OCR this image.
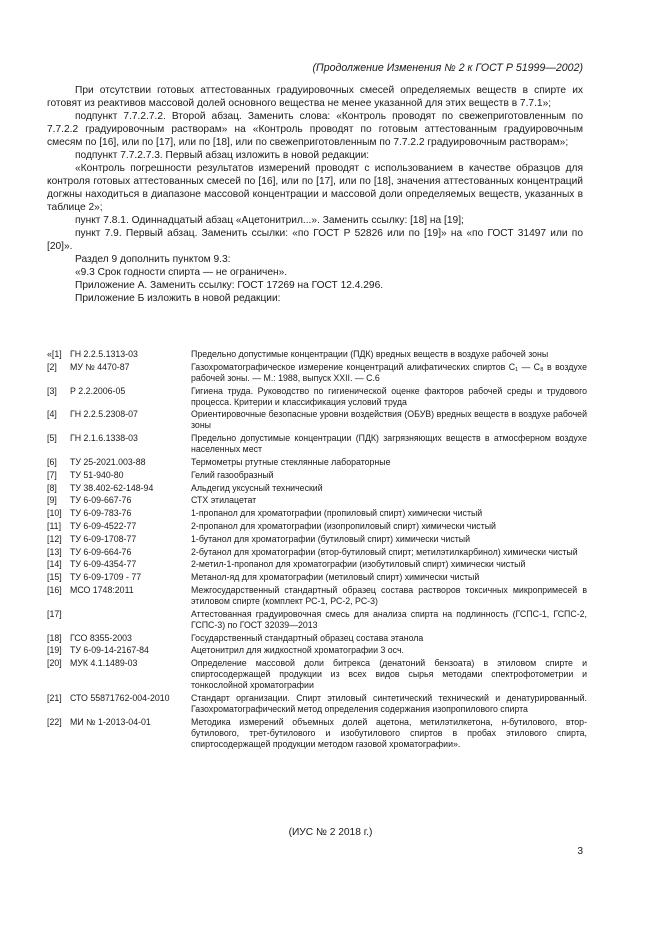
(Продолжение Изменения № 2 к ГОСТ Р 51999—2002)

При отсутствии готовых аттестованных градуировочных смесей определяемых веществ в спирте их готовят из реактивов массовой долей основного вещества не менее указанной для этих веществ в 7.7.1»;

подпункт 7.7.2.7.2. Второй абзац. Заменить слова: «Контроль проводят по свежеприготовленным по 7.7.2.2 градуировочным растворам» на «Контроль проводят по готовым аттестованным градуировочным смесям по [16], или по [17], или по [18], или по свежеприготовленным по 7.7.2.2 градуировочным растворам»;

подпункт 7.7.2.7.3. Первый абзац изложить в новой редакции:

«Контроль погрешности результатов измерений проводят с использованием в качестве образцов для контроля готовых аттестованных смесей по [16], или по [17], или по [18], значения аттестованных концентраций догжны находиться в диапазоне массовой концентрации и массовой доли определяемых веществ, указанных в таблице 2»;

пункт 7.8.1. Одиннадцатый абзац «Ацетонитрил...». Заменить ссылку: [18] на [19];

пункт 7.9. Первый абзац. Заменить ссылки: «по ГОСТ Р 52826 или по [19]» на «по ГОСТ 31497 или по [20]».

Раздел 9 дополнить пунктом 9.3:

«9.3 Срок годности спирта — не ограничен».

Приложение А. Заменить ссылку: ГОСТ 17269 на ГОСТ 12.4.296.

Приложение Б изложить в новой редакции:

«[1]	ГН 2.2.5.1313-03	Предельно допустимые концентрации (ПДК) вредных веществ в воздухе рабочей зоны
[2]	МУ № 4470-87	Газохроматографическое измерение концентраций алифатических спиртов C₁ — C₈ в воздухе рабочей зоны. — М.: 1988, выпуск XXII. — С.6
[3]	Р 2.2.2006-05	Гигиена труда. Руководство по гигиенической оценке факторов рабочей среды и трудового процесса. Критерии и классификация условий труда
[4]	ГН 2.2.5.2308-07	Ориентировочные безопасные уровни воздействия (ОБУВ) вредных веществ в воздухе рабочей зоны
[5]	ГН 2.1.6.1338-03	Предельно допустимые концентрации (ПДК) загрязняющих веществ в атмосферном воздухе населенных мест
[6]	ТУ 25-2021.003-88	Термометры ртутные стеклянные лабораторные
[7]	ТУ 51-940-80	Гелий газообразный
[8]	ТУ 38.402-62-148-94	Альдегид уксусный технический
[9]	ТУ 6-09-667-76	СТХ этилацетат
[10]	ТУ 6-09-783-76	1-пропанол для хроматографии (пропиловый спирт) химически чистый
[11]	ТУ 6-09-4522-77	2-пропанол для хроматографии (изопропиловый спирт) химически чистый
[12]	ТУ 6-09-1708-77	1-бутанол для хроматографии (бутиловый спирт) химически чистый
[13]	ТУ 6-09-664-76	2-бутанол для хроматографии (втор-бутиловый спирт; метилэтилкарбинол) химически чистый
[14]	ТУ 6-09-4354-77	2-метил-1-пропанол для хроматографии (изобутиловый спирт) химически чистый
[15]	ТУ 6-09-1709 - 77	Метанол-яд для хроматографии (метиловый спирт) химически чистый
[16]	МСО 1748:2011	Межгосударственный стандартный образец состава растворов токсичных микропримесей в этиловом спирте (комплект РС-1, РС-2, РС-3)
[17]		Аттестованная градуировочная смесь для анализа спирта на подлинность (ГСПС-1, ГСПС-2, ГСПС-3) по ГОСТ 32039—2013
[18]	ГСО 8355-2003	Государственный стандартный образец состава этанола
[19]	ТУ 6-09-14-2167-84	Ацетонитрил для жидкостной хроматографии 3 осч.
[20]	МУК 4.1.1489-03	Определение массовой доли битрекса (денатоний бензоата) в этиловом спирте и спиртосодержащей продукции из всех видов сырья методами спектрофотометрии и тонкослойной хроматографии
[21]	СТО 55871762-004-2010	Стандарт организации. Спирт этиловый синтетический технический и денатурированный. Газохроматографический метод определения содержания изопропилового спирта
[22]	МИ № 1-2013-04-01	Методика измерений объемных долей ацетона, метилэтилкетона, н-бутилового, втор-бутилового, трет-бутилового и изобутилового спиртов в пробах этилового спирта, спиртосодержащей продукции методом газовой хроматографии».
(ИУС № 2 2018 г.)
3
